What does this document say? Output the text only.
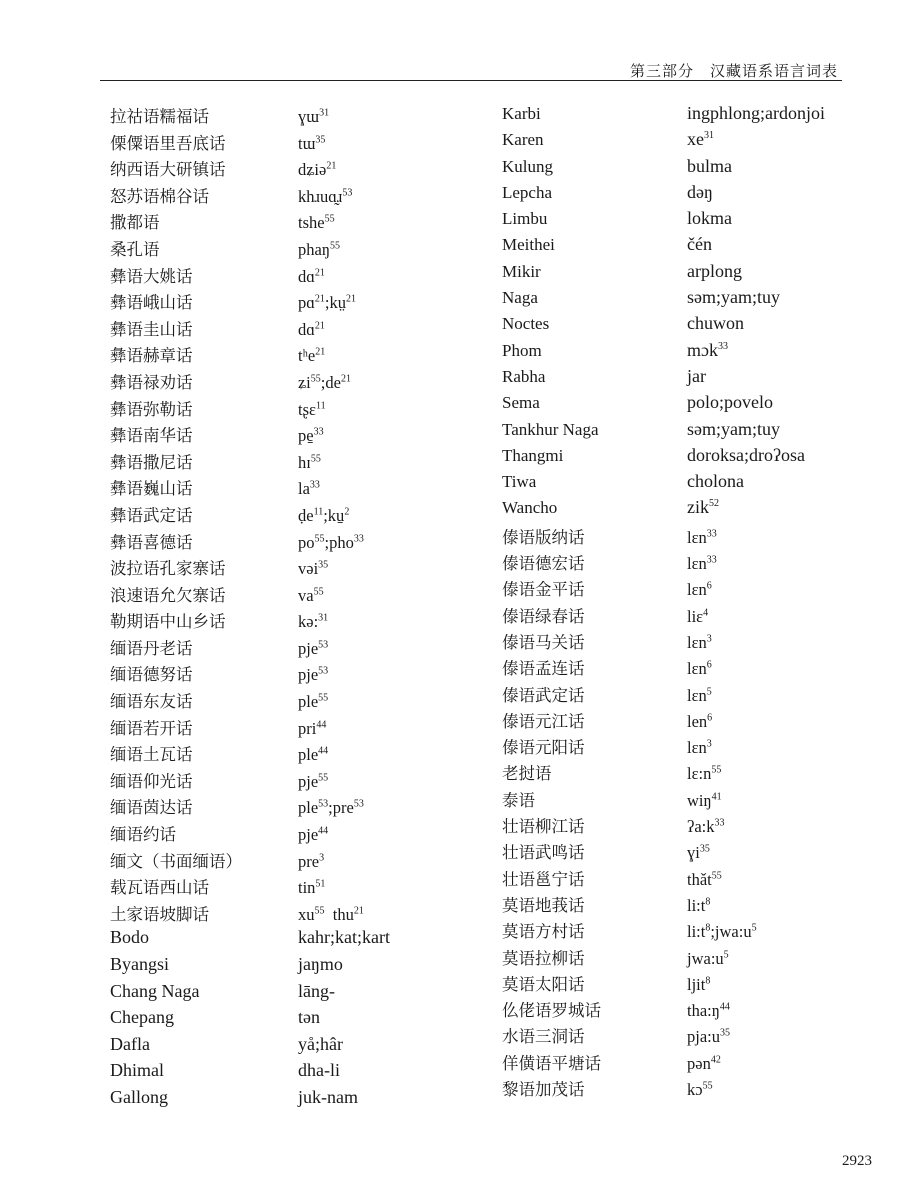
第三部分　汉藏语系语言词表
拉祜语糯福话	ɣɯ$^{31}$
傈僳语里吾底话	tɯ$^{35}$
纳西语大研镇话	dʑiə$^{21}$
怒苏语棉谷话	khɹuɑ̰ɹ$^{53}$
撒都语	tshe$^{55}$
桑孔语	phaŋ$^{55}$
彝语大姚话	dɑ$^{21}$
彝语峨山话	pɑ$^{21}$;kṳ$^{21}$
彝语圭山话	dɑ$^{21}$
彝语赫章话	tʰe$^{21}$
彝语禄劝话	$ʑi^{55};de^{21}$
彝语弥勒话	tʂɛ$^{11}$
彝语南华话	pe̠$^{33}$
彝语撒尼话	hɪ$^{55}$
彝语巍山话	$la^{33}$
彝语武定话	ḍe$^{11}$;ku̠$^2$
彝语喜德话	$po^{55};pho^{33}$
波拉语孔家寨话	vəi$^{35}$
浪速语允欠寨话	$va^{55}$
勒期语中山乡话	kə:$^{31}$
缅语丹老话	pje$^{53}$
缅语德努话	pje$^{53}$
缅语东友话	ple$^{55}$
缅语若开话	pri$^{44}$
缅语土瓦话	ple$^{44}$
缅语仰光话	pje$^{55}$
缅语茵达话	ple$^{53}$;pre$^{53}$
缅语约话	pje$^{44}$
缅文（书面缅语）	pre$^3$
载瓦语西山话	tin$^{51}$
土家语坡脚话	$xu^{55}$  thu$^{21}$
Bodo	kahr;kat;kart
Byangsi	jaŋmo
Chang Naga	lāng-
Chepang	tən
Dafla	yå;hâr
Dhimal	dha-li
Gallong	juk-nam
Karbi	ingphlong;ardonjoi
Karen	$xe^{31}$
Kulung	bulma
Lepcha	dəŋ
Limbu	lokma
Meithei	čén
Mikir	arplong
Naga	səm;yam;tuy
Noctes	chuwon
Phom	mɔk$^{33}$
Rabha	jar
Sema	polo;povelo
Tankhur Naga	səm;yam;tuy
Thangmi	doroksa;droʔosa
Tiwa	cholona
Wancho	zik$^{52}$
傣语版纳话	lɛn$^{33}$
傣语德宏话	lɛn$^{33}$
傣语金平话	lɛn$^6$
傣语绿春话	liɛ$^4$
傣语马关话	lɛn$^3$
傣语孟连话	lɛn$^6$
傣语武定话	lɛn$^5$
傣语元江话	len$^6$
傣语元阳话	lɛn$^3$
老挝语	$lɛ:n^{55}$
泰语	wiŋ$^{41}$
壮语柳江话	$ʔa:k^{33}$
壮语武鸣话	ɣi$^{35}$
壮语邕宁话	thǎt$^{55}$
莫语地莪话	$li:t^8$
莫语方村话	$li:t^8;jwa:u^5$
莫语拉柳话	$jwa:u^5$
莫语太阳话	ljit$^8$
仫佬语罗城话	$tha:ŋ^{44}$
水语三洞话	$pja:u^{35}$
佯僙语平塘话	pən$^{42}$
黎语加茂话	kɔ$^{55}$
2923
